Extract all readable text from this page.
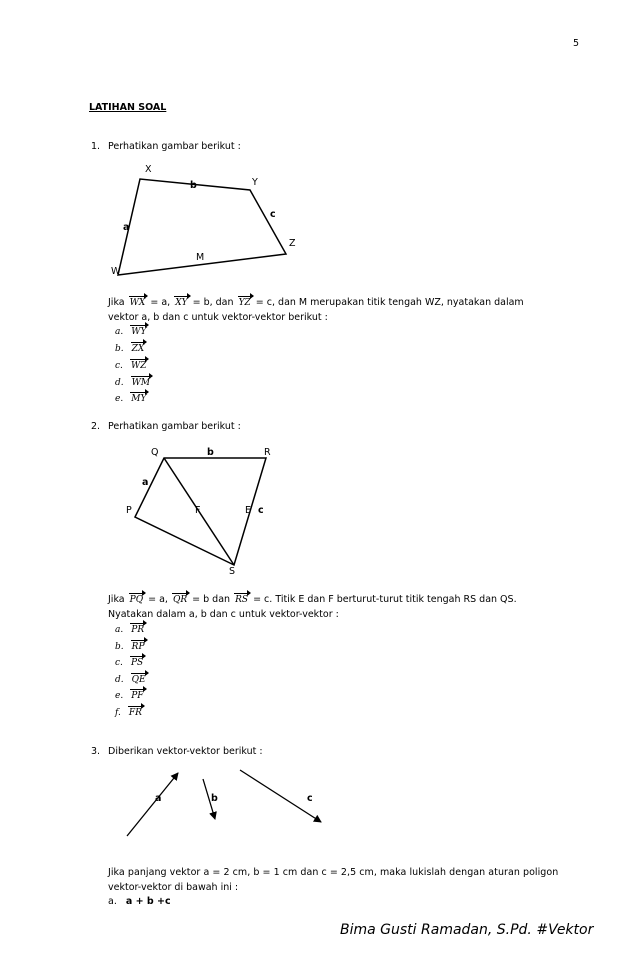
5
LATIHAN SOAL
1. Perhatikan gambar berikut :
X
Y
Z
W
a
b
c
M
Jika WX = a, XY = b, dan YZ = c, dan M merupakan titik tengah WZ, nyatakan dalam
vektor a, b dan c untuk vektor-vektor berikut :
a. WY
b. ZX
c. WZ
d. WM
e. MY
2. Perhatikan gambar berikut :
Q	R
P
S
F	E
a
b
c
Jika PQ = a, QR = b dan RS = c. Titik E dan F berturut-turut titik tengah RS dan QS.
Nyatakan dalam a, b dan c untuk vektor-vektor :
a. PR
b. RP
c. PS
d. QE
e. PF
f. FR
3. Diberikan vektor-vektor berikut :
a	b	c
Jika panjang vektor a = 2 cm, b = 1 cm dan c = 2,5 cm, maka lukislah dengan aturan poligon
vektor-vektor di bawah ini :
a. a + b +c
Bima Gusti Ramadan, S.Pd. #Vektor
